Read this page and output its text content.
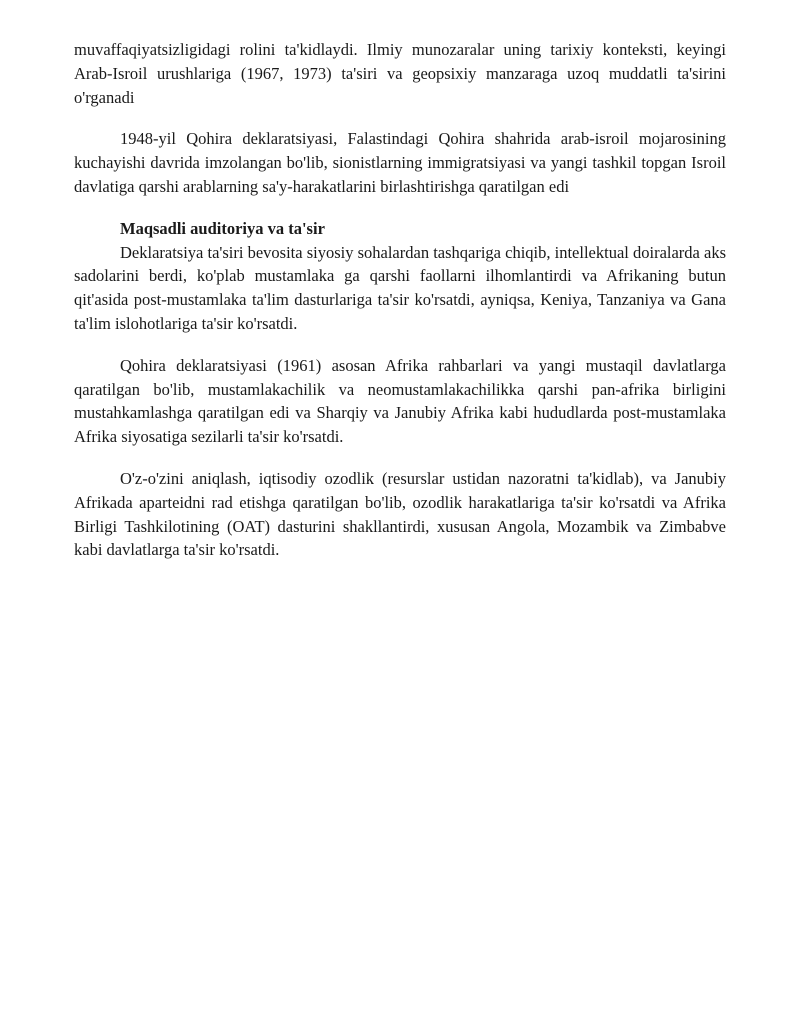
muvaffaqiyatsizligidagi rolini ta'kidlaydi. Ilmiy munozaralar uning tarixiy konteksti, keyingi Arab-Isroil urushlariga (1967, 1973) ta'siri va geopsixiy manzaraga uzoq muddatli ta'sirini o'rganadi

1948-yil Qohira deklaratsiyasi, Falastindagi Qohira shahrida arab-isroil mojarosining kuchayishi davrida imzolangan bo'lib, sionistlarning immigratsiyasi va yangi tashkil topgan Isroil davlatiga qarshi arablarning sa'y-harakatlarini birlashtirishga qaratilgan edi

Maqsadli auditoriya va ta'sir

Deklaratsiya ta'siri bevosita siyosiy sohalardan tashqariga chiqib, intellektual doiralarda aks sadolarini berdi, ko'plab mustamlaka ga qarshi faollarni ilhomlantirdi va Afrikaning butun qit'asida post-mustamlaka ta'lim dasturlariga ta'sir ko'rsatdi, ayniqsa, Keniya, Tanzaniya va Gana ta'lim islohotlariga ta'sir ko'rsatdi.

Qohira deklaratsiyasi (1961) asosan Afrika rahbarlari va yangi mustaqil davlatlarga qaratilgan bo'lib, mustamlakachilik va neomustamlakachilikka qarshi pan-afrika birligini mustahkamlashga qaratilgan edi va Sharqiy va Janubiy Afrika kabi hududlarda post-mustamlaka Afrika siyosatiga sezilarli ta'sir ko'rsatdi.

O'z-o'zini aniqlash, iqtisodiy ozodlik (resurslar ustidan nazoratni ta'kidlab), va Janubiy Afrikada aparteidni rad etishga qaratilgan bo'lib, ozodlik harakatlariga ta'sir ko'rsatdi va Afrika Birligi Tashkilotining (OAT) dasturini shakllantirdi, xususan Angola, Mozambik va Zimbabve kabi davlatlarga ta'sir ko'rsatdi.
